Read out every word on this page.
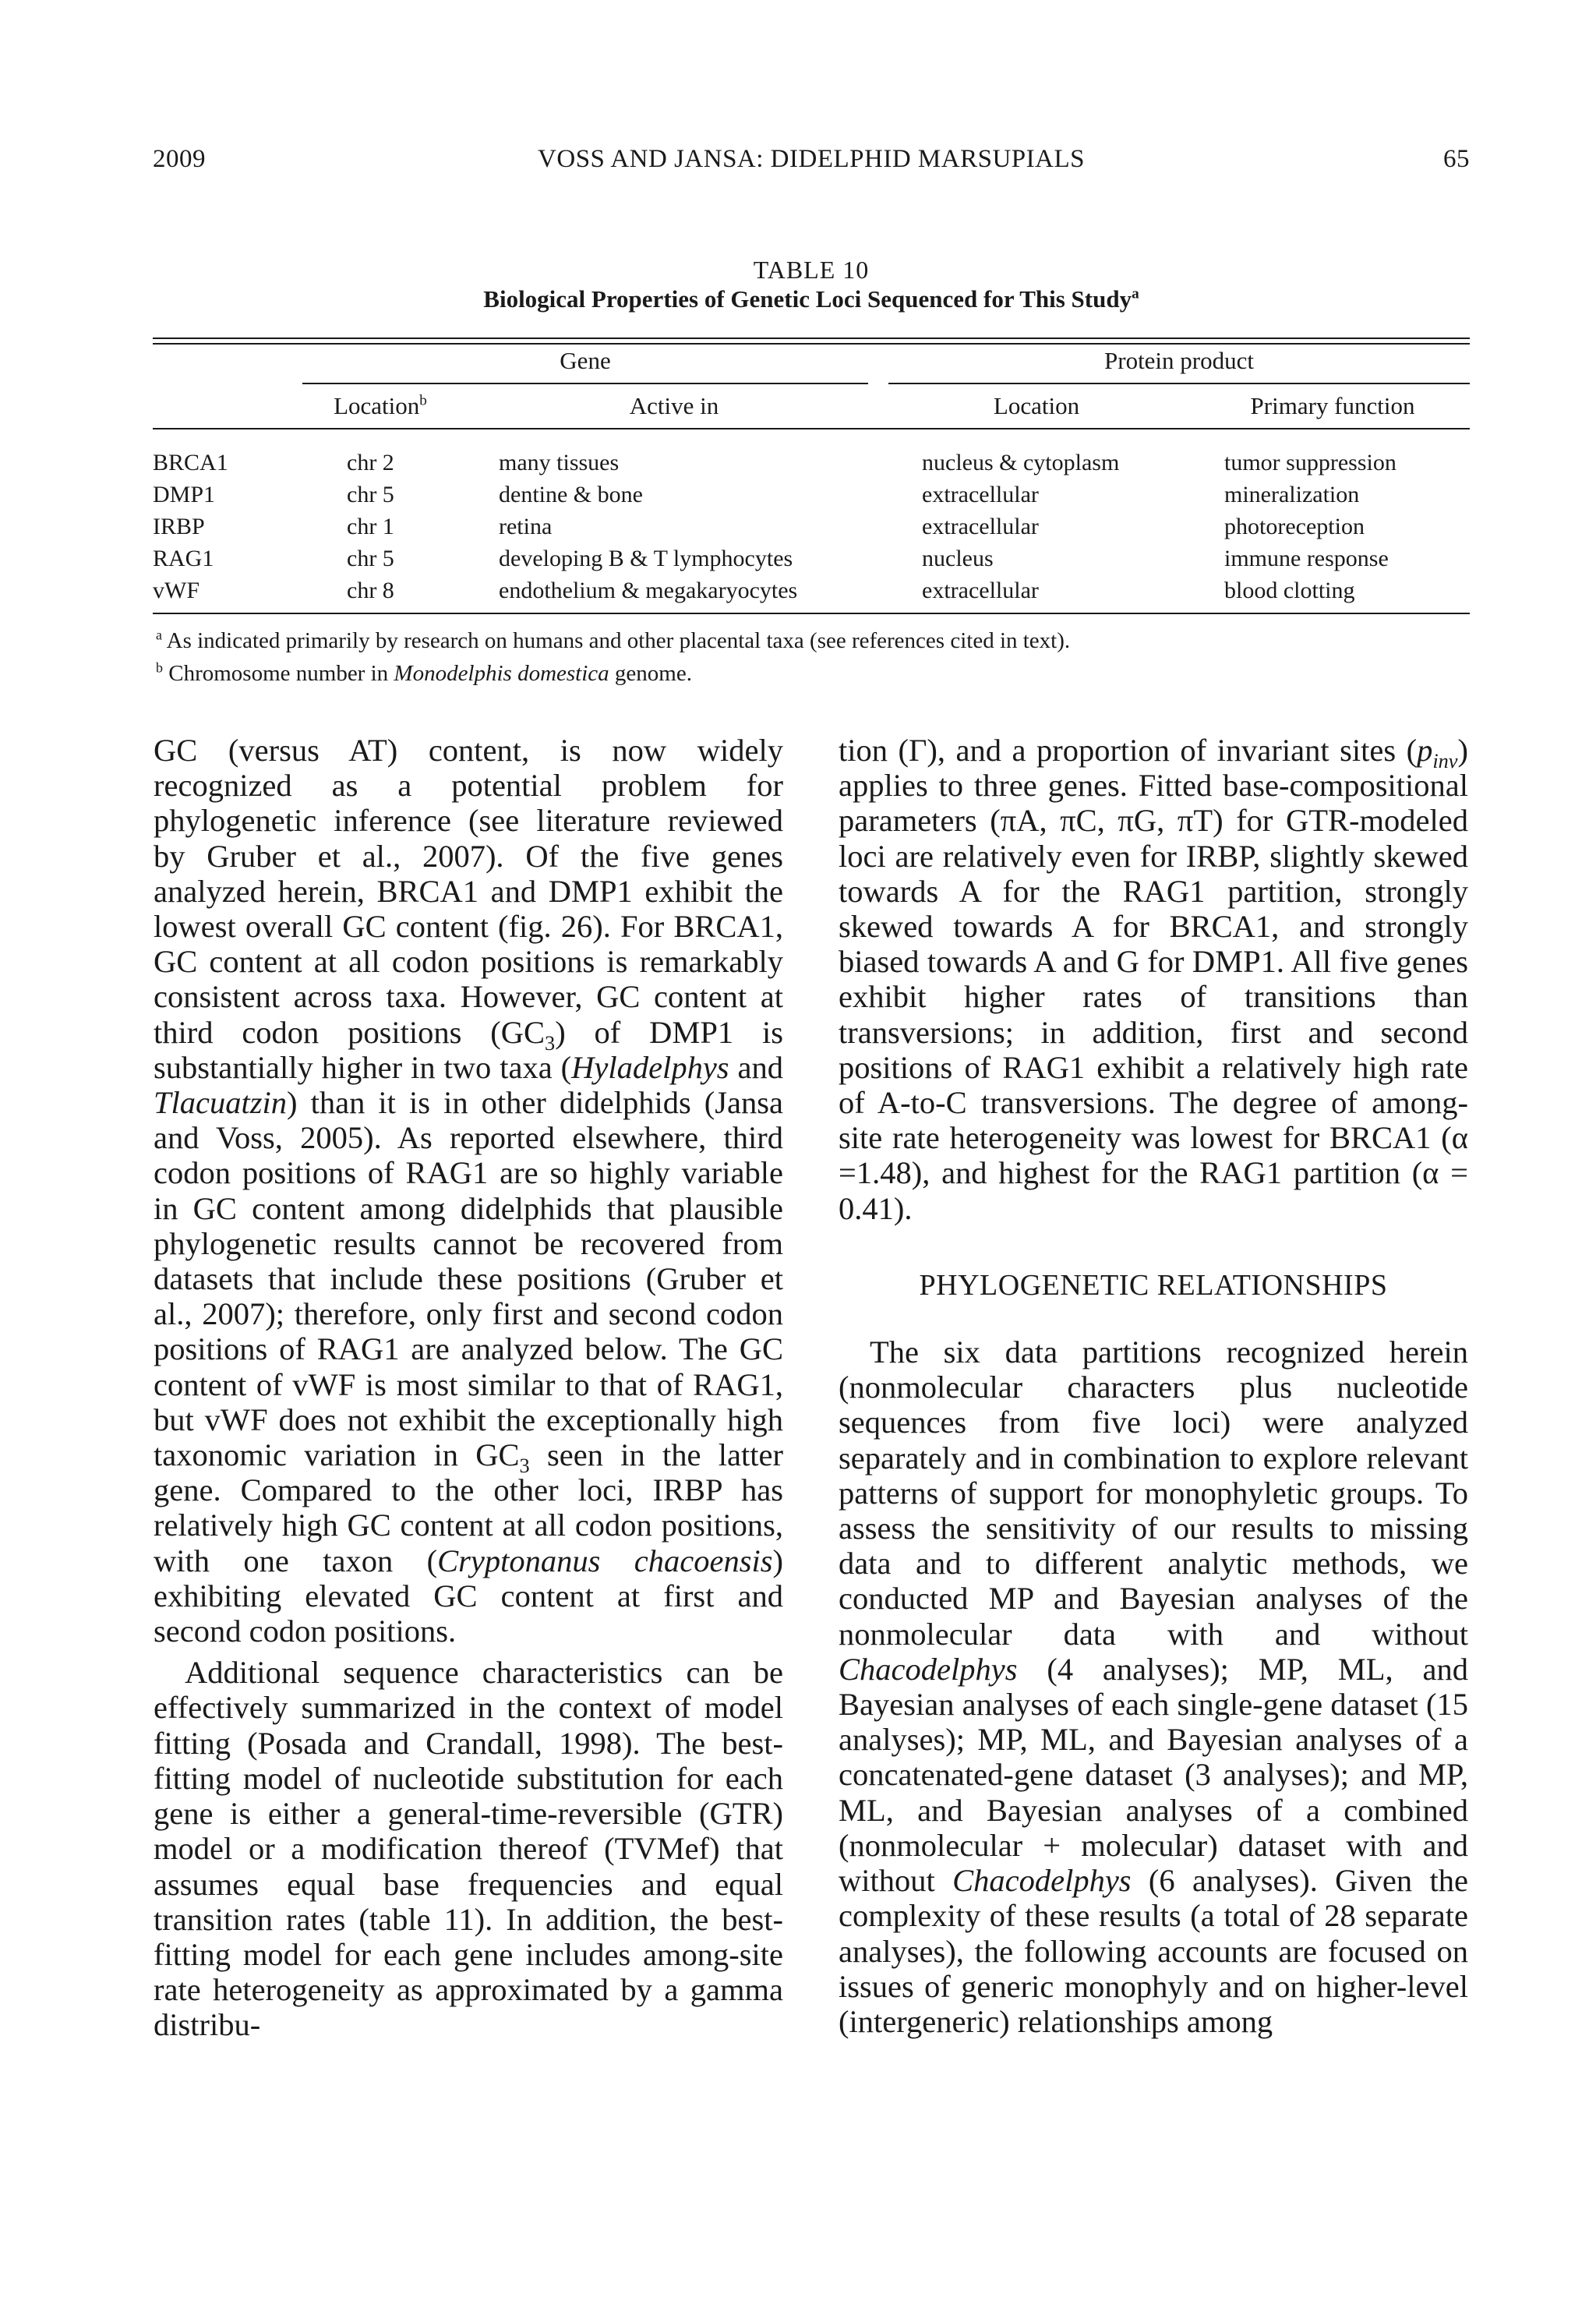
2009	VOSS AND JANSA: DIDELPHID MARSUPIALS	65
TABLE 10
Biological Properties of Genetic Loci Sequenced for This Study$^a$
Gene	Protein product
Location$^b$	Active in	Location	Primary function
BRCA1	chr 2	many tissues	nucleus & cytoplasm	tumor suppression
DMP1	chr 5	dentine & bone	extracellular	mineralization
IRBP	chr 1	retina	extracellular	photoreception
RAG1	chr 5	developing B & T lymphocytes	nucleus	immune response
vWF	chr 8	endothelium & megakaryocytes	extracellular	blood clotting
$^a$ As indicated primarily by research on humans and other placental taxa (see references cited in text).
$^b$ Chromosome number in Monodelphis domestica genome.

GC (versus AT) content, is now widely recognized as a potential problem for phylogenetic inference (see literature reviewed by Gruber et al., 2007). Of the five genes analyzed herein, BRCA1 and DMP1 exhibit the lowest overall GC content (fig. 26). For BRCA1, GC content at all codon positions is remarkably consistent across taxa. However, GC content at third codon positions $(GC_3)$ of DMP1 is substantially higher in two taxa (Hyladelphys and Tlacuatzin) than it is in other didelphids (Jansa and Voss, 2005). As reported elsewhere, third codon positions of RAG1 are so highly variable in GC content among didelphids that plausible phylogenetic results cannot be recovered from datasets that include these positions (Gruber et al., 2007); therefore, only first and second codon positions of RAG1 are analyzed below. The GC content of vWF is most similar to that of RAG1, but vWF does not exhibit the exceptionally high taxonomic variation in $GC_3$ seen in the latter gene. Compared to the other loci, IRBP has relatively high GC content at all codon positions, with one taxon (Cryptonanus chacoensis) exhibiting elevated GC content at first and second codon positions.

Additional sequence characteristics can be effectively summarized in the context of model fitting (Posada and Crandall, 1998). The best-fitting model of nucleotide substitution for each gene is either a general-time-reversible (GTR) model or a modification thereof (TVMef) that assumes equal base frequencies and equal transition rates (table 11). In addition, the best-fitting model for each gene includes among-site rate heterogeneity as approximated by a gamma distribu-

tion (Γ), and a proportion of invariant sites $(p_{inv})$ applies to three genes. Fitted base-compositional parameters (πA, πC, πG, πT) for GTR-modeled loci are relatively even for IRBP, slightly skewed towards A for the RAG1 partition, strongly skewed towards A for BRCA1, and strongly biased towards A and G for DMP1. All five genes exhibit higher rates of transitions than transversions; in addition, first and second positions of RAG1 exhibit a relatively high rate of A-to-C transversions. The degree of among-site rate heterogeneity was lowest for BRCA1 (α =1.48), and highest for the RAG1 partition (α = 0.41).

PHYLOGENETIC RELATIONSHIPS

The six data partitions recognized herein (nonmolecular characters plus nucleotide sequences from five loci) were analyzed separately and in combination to explore relevant patterns of support for monophyletic groups. To assess the sensitivity of our results to missing data and to different analytic methods, we conducted MP and Bayesian analyses of the nonmolecular data with and without Chacodelphys (4 analyses); MP, ML, and Bayesian analyses of each single-gene dataset (15 analyses); MP, ML, and Bayesian analyses of a concatenated-gene dataset (3 analyses); and MP, ML, and Bayesian analyses of a combined (nonmolecular + molecular) dataset with and without Chacodelphys (6 analyses). Given the complexity of these results (a total of 28 separate analyses), the following accounts are focused on issues of generic monophyly and on higher-level (intergeneric) relationships among
